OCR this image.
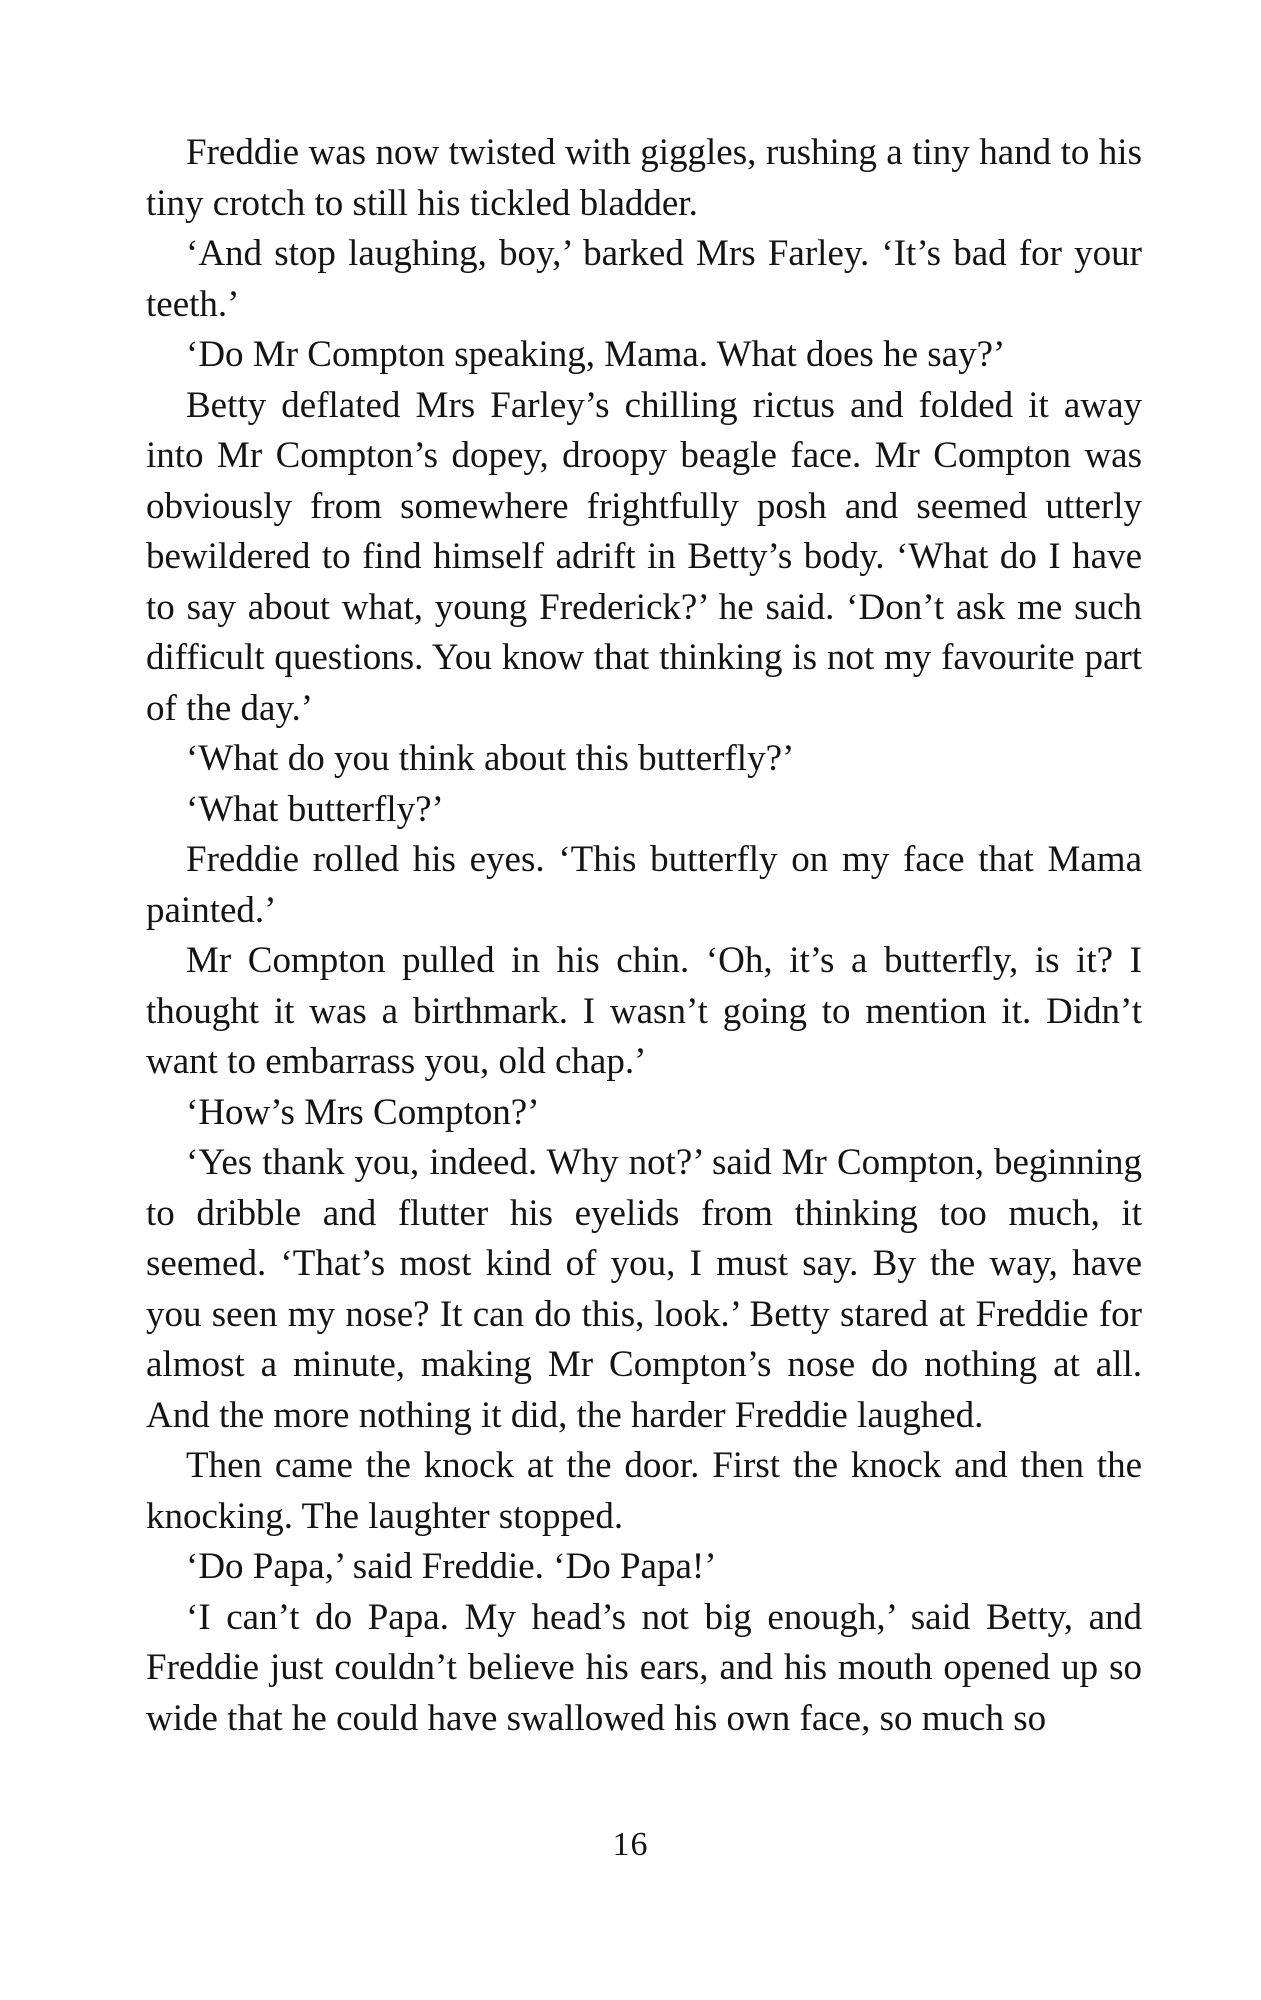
Freddie was now twisted with giggles, rushing a tiny hand to his tiny crotch to still his tickled bladder.

‘And stop laughing, boy,’ barked Mrs Farley. ‘It’s bad for your teeth.’

‘Do Mr Compton speaking, Mama. What does he say?’

Betty deflated Mrs Farley’s chilling rictus and folded it away into Mr Compton’s dopey, droopy beagle face. Mr Compton was obviously from somewhere frightfully posh and seemed utterly bewildered to find himself adrift in Betty’s body. ‘What do I have to say about what, young Frederick?’ he said. ‘Don’t ask me such difficult questions. You know that thinking is not my favourite part of the day.’

‘What do you think about this butterfly?’

‘What butterfly?’

Freddie rolled his eyes. ‘This butterfly on my face that Mama painted.’

Mr Compton pulled in his chin. ‘Oh, it’s a butterfly, is it? I thought it was a birthmark. I wasn’t going to mention it. Didn’t want to embarrass you, old chap.’

‘How’s Mrs Compton?’

‘Yes thank you, indeed. Why not?’ said Mr Compton, beginning to dribble and flutter his eyelids from thinking too much, it seemed. ‘That’s most kind of you, I must say. By the way, have you seen my nose? It can do this, look.’ Betty stared at Freddie for almost a minute, making Mr Compton’s nose do nothing at all. And the more nothing it did, the harder Freddie laughed.

Then came the knock at the door. First the knock and then the knocking. The laughter stopped.

‘Do Papa,’ said Freddie. ‘Do Papa!’

‘I can’t do Papa. My head’s not big enough,’ said Betty, and Freddie just couldn’t believe his ears, and his mouth opened up so wide that he could have swallowed his own face, so much so

16
